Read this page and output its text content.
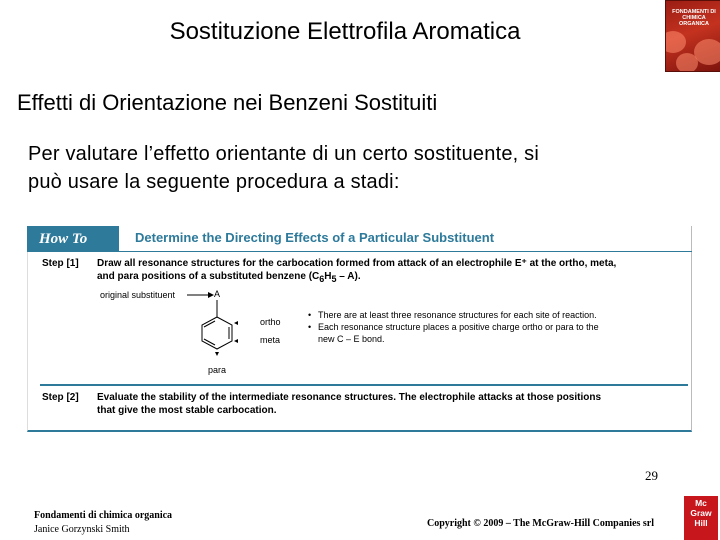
Sostituzione Elettrofila Aromatica
FONDAMENTI DI CHIMICA ORGANICA
Effetti di Orientazione nei Benzeni Sostituiti
Per valutare l’effetto orientante di un certo sostituente, si
può usare la seguente procedura a stadi:
How To	Determine the Directing Effects of a Particular Substituent
Step [1] Draw all resonance structures for the carbocation formed from attack of an electrophile E⁺ at the ortho, meta,
and para positions of a substituted benzene $(C_6H_5 - A)$.
original substituent	A
ortho
meta
para
• There are at least three resonance structures for each site of reaction.
• Each resonance structure places a positive charge ortho or para to the
new C – E bond.
Step [2] Evaluate the stability of the intermediate resonance structures. The electrophile attacks at those positions
that give the most stable carbocation.
29
Fondamenti di chimica organica
Janice Gorzynski Smith
Copyright © 2009 – The McGraw-Hill Companies srl
Mc
Graw
Hill
